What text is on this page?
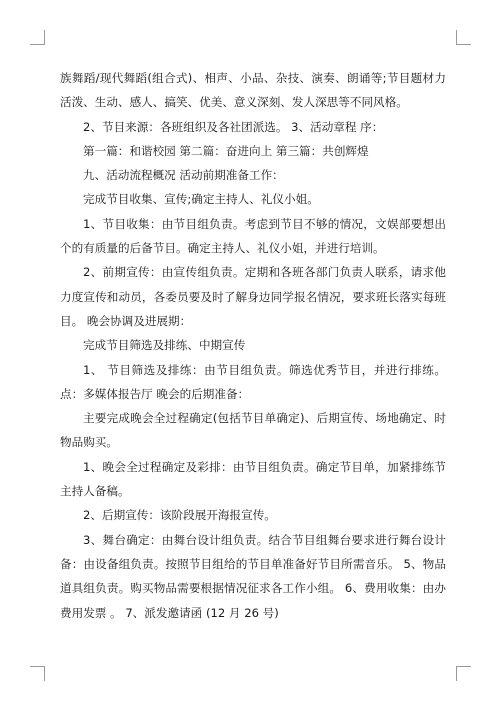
族舞蹈/现代舞蹈(组合式)、相声、小品、杂技、演奏、朗诵等;节目题材力
活泼、生动、感人、搞笑、优美、意义深刻、发人深思等不同风格。
2、节目来源：各班组织及各社团派选。 3、活动章程 序：
第一篇：和谐校园 第二篇：奋进向上 第三篇：共创辉煌
九、活动流程概况 活动前期准备工作：
完成节目收集、宣传;确定主持人、礼仪小姐。
1、节目收集：由节目组负责。考虑到节目不够的情况，文娱部要想出
个的有质量的后备节目。确定主持人、礼仪小姐，并进行培训。
2、前期宣传：由宣传组负责。定期和各班各部门负责人联系，请求他
力度宣传和动员，各委员要及时了解身边同学报名情况，要求班长落实每班
目。 晚会协调及进展期：
完成节目筛选及排练、中期宣传
1、 节目筛选及排练：由节目组负责。筛选优秀节目，并进行排练。
点：多媒体报告厅 晚会的后期准备：
主要完成晚会全过程确定(包括节目单确定)、后期宣传、场地确定、时
物品购买。
1、晚会全过程确定及彩排：由节目组负责。确定节目单，加紧排练节
主持人备稿。
2、后期宣传：该阶段展开海报宣传。
3、舞台确定：由舞台设计组负责。结合节目组舞台要求进行舞台设计
备：由设备组负责。按照节目组给的节目单准备好节目所需音乐。 5、物品
道具组负责。购买物品需要根据情况征求各工作小组。 6、费用收集：由办
费用发票 。 7、派发邀请函 (12 月 26 号)
